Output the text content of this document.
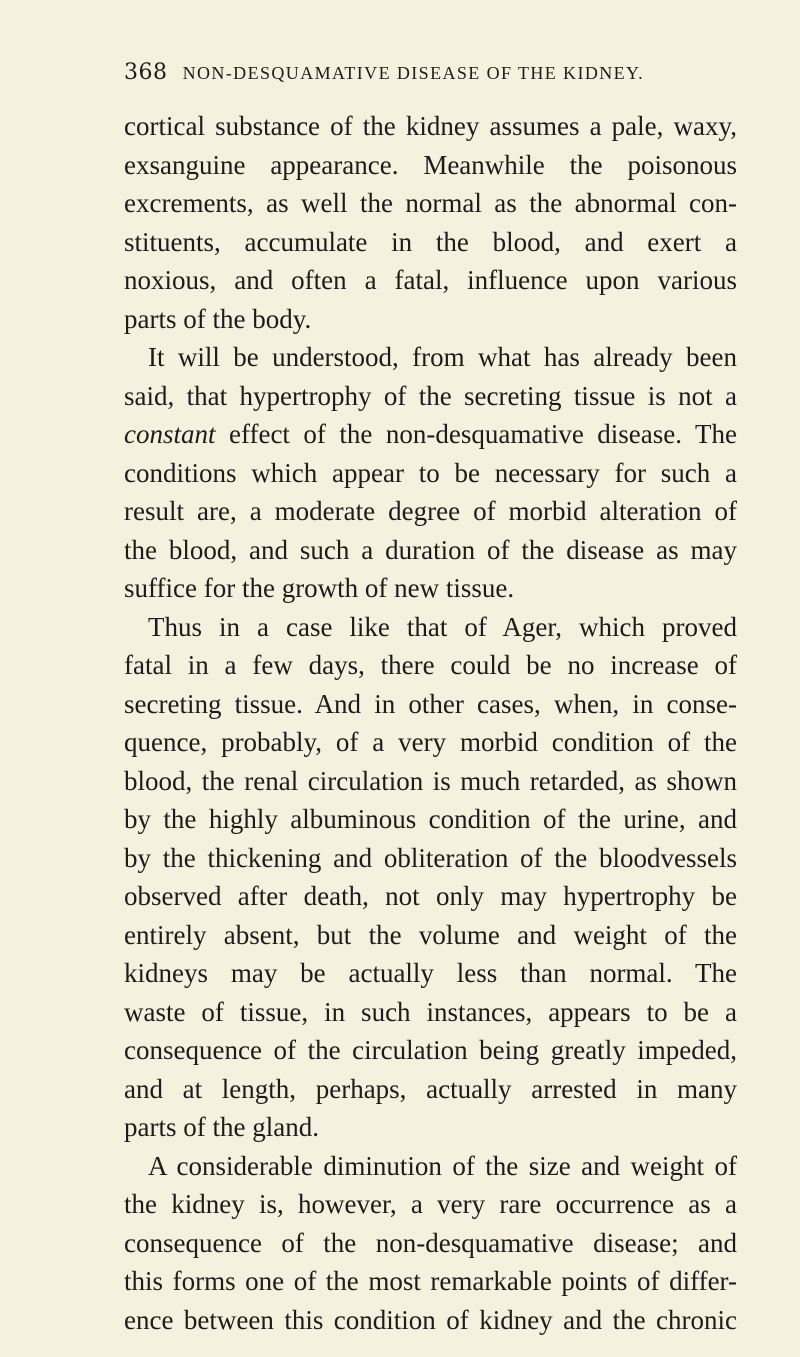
368 NON-DESQUAMATIVE DISEASE OF THE KIDNEY.
cortical substance of the kidney assumes a pale, waxy,
exsanguine appearance. Meanwhile the poisonous
excrements, as well the normal as the abnormal con-
stituents, accumulate in the blood, and exert a
noxious, and often a fatal, influence upon various
parts of the body.
It will be understood, from what has already been
said, that hypertrophy of the secreting tissue is not a
constant effect of the non-desquamative disease. The
conditions which appear to be necessary for such a
result are, a moderate degree of morbid alteration of
the blood, and such a duration of the disease as may
suffice for the growth of new tissue.
Thus in a case like that of Ager, which proved
fatal in a few days, there could be no increase of
secreting tissue. And in other cases, when, in conse-
quence, probably, of a very morbid condition of the
blood, the renal circulation is much retarded, as shown
by the highly albuminous condition of the urine, and
by the thickening and obliteration of the bloodvessels
observed after death, not only may hypertrophy be
entirely absent, but the volume and weight of the
kidneys may be actually less than normal. The
waste of tissue, in such instances, appears to be a
consequence of the circulation being greatly impeded,
and at length, perhaps, actually arrested in many
parts of the gland.
A considerable diminution of the size and weight of
the kidney is, however, a very rare occurrence as a
consequence of the non-desquamative disease; and
this forms one of the most remarkable points of differ-
ence between this condition of kidney and the chronic
